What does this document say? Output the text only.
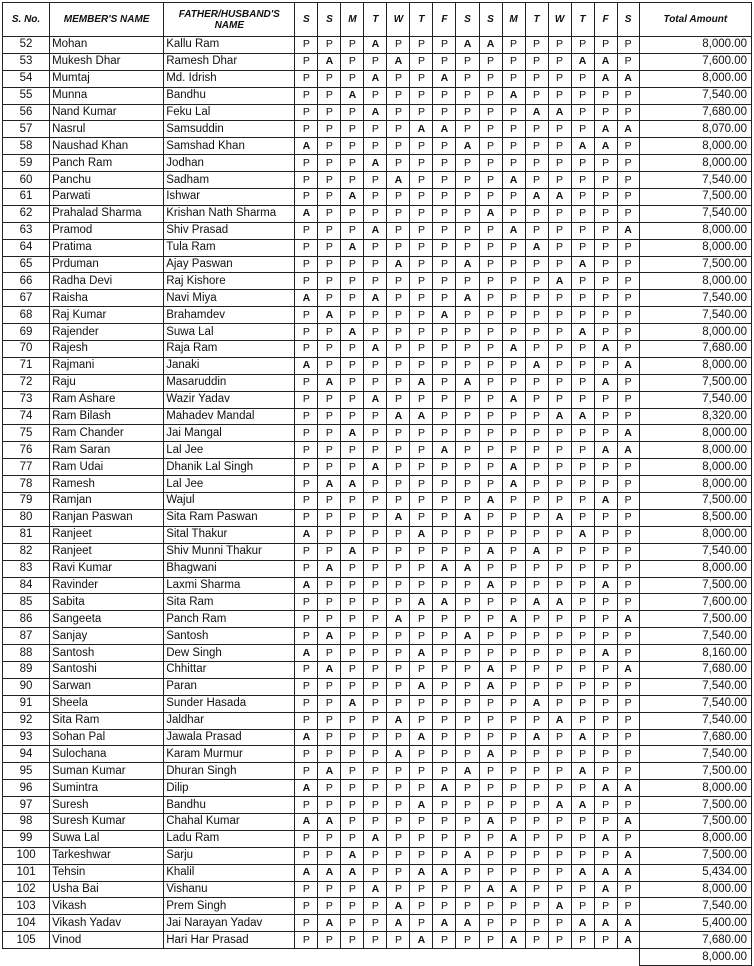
S. No.	MEMBER'S NAME	FATHER/HUSBAND'S NAME	S	S	M	T	W	T	F	S	S	M	T	W	T	F	S	Total Amount
52	Mohan	Kallu Ram	P	P	P	A	P	P	P	A	A	P	P	P	P	P	P	8,000.00
53	Mukesh Dhar	Ramesh Dhar	P	A	P	P	A	P	P	P	P	P	P	P	A	A	P	7,600.00
54	Mumtaj	Md. Idrish	P	P	P	A	P	P	A	P	P	P	P	P	P	A	A	8,000.00
55	Munna	Bandhu	P	P	A	P	P	P	P	P	P	A	P	P	P	P	P	7,540.00
56	Nand Kumar	Feku Lal	P	P	P	A	P	P	P	P	P	P	A	A	P	P	P	7,680.00
57	Nasrul	Samsuddin	P	P	P	P	P	A	A	P	P	P	P	P	P	A	A	8,070.00
58	Naushad Khan	Samshad Khan	A	P	P	P	P	P	P	A	P	P	P	P	A	A	P	8,000.00
59	Panch Ram	Jodhan	P	P	P	A	P	P	P	P	P	P	P	P	P	P	P	8,000.00
60	Panchu	Sadham	P	P	P	P	A	P	P	P	P	A	P	P	P	P	P	7,540.00
61	Parwati	Ishwar	P	P	A	P	P	P	P	P	P	P	A	A	P	P	P	7,500.00
62	Prahalad Sharma	Krishan Nath Sharma	A	P	P	P	P	P	P	P	A	P	P	P	P	P	P	7,540.00
63	Pramod	Shiv Prasad	P	P	P	A	P	P	P	P	P	A	P	P	P	P	A	8,000.00
64	Pratima	Tula Ram	P	P	A	P	P	P	P	P	P	P	A	P	P	P	P	8,000.00
65	Prduman	Ajay Paswan	P	P	P	P	A	P	P	A	P	P	P	P	A	P	P	7,500.00
66	Radha Devi	Raj Kishore	P	P	P	P	P	P	P	P	P	P	P	A	P	P	P	8,000.00
67	Raisha	Navi Miya	A	P	P	A	P	P	P	A	P	P	P	P	P	P	P	7,540.00
68	Raj Kumar	Brahamdev	P	A	P	P	P	P	A	P	P	P	P	P	P	P	P	7,540.00
69	Rajender	Suwa Lal	P	P	A	P	P	P	P	P	P	P	P	P	A	P	P	8,000.00
70	Rajesh	Raja Ram	P	P	P	A	P	P	P	P	P	A	P	P	P	A	P	7,680.00
71	Rajmani	Janaki	A	P	P	P	P	P	P	P	P	P	A	P	P	P	A	8,000.00
72	Raju	Masaruddin	P	A	P	P	P	A	P	A	P	P	P	P	P	A	P	7,500.00
73	Ram Ashare	Wazir Yadav	P	P	P	A	P	P	P	P	P	A	P	P	P	P	P	7,540.00
74	Ram Bilash	Mahadev Mandal	P	P	P	P	A	A	P	P	P	P	P	A	A	P	P	8,320.00
75	Ram Chander	Jai Mangal	P	P	A	P	P	P	P	P	P	P	P	P	P	P	A	8,000.00
76	Ram Saran	Lal Jee	P	P	P	P	P	P	A	P	P	P	P	P	P	A	A	8,000.00
77	Ram Udai	Dhanik Lal Singh	P	P	P	A	P	P	P	P	P	A	P	P	P	P	P	8,000.00
78	Ramesh	Lal Jee	P	A	A	P	P	P	P	P	P	A	P	P	P	P	P	8,000.00
79	Ramjan	Wajul	P	P	P	P	P	P	P	P	A	P	P	P	P	A	P	7,500.00
80	Ranjan Paswan	Sita Ram Paswan	P	P	P	P	A	P	P	A	P	P	P	A	P	P	P	8,500.00
81	Ranjeet	Sital Thakur	A	P	P	P	P	A	P	P	P	P	P	P	A	P	P	8,000.00
82	Ranjeet	Shiv Munni Thakur	P	P	A	P	P	P	P	P	A	P	A	P	P	P	P	7,540.00
83	Ravi Kumar	Bhagwani	P	A	P	P	P	P	A	A	P	P	P	P	P	P	P	8,000.00
84	Ravinder	Laxmi Sharma	A	P	P	P	P	P	P	P	A	P	P	P	P	A	P	7,500.00
85	Sabita	Sita Ram	P	P	P	P	P	A	A	P	P	P	A	A	P	P	P	7,600.00
86	Sangeeta	Panch Ram	P	P	P	P	A	P	P	P	P	A	P	P	P	P	A	7,500.00
87	Sanjay	Santosh	P	A	P	P	P	P	P	A	P	P	P	P	P	P	P	7,540.00
88	Santosh	Dew Singh	A	P	P	P	P	A	P	P	P	P	P	P	P	A	P	8,160.00
89	Santoshi	Chhittar	P	A	P	P	P	P	P	P	A	P	P	P	P	P	A	7,680.00
90	Sarwan	Paran	P	P	P	P	P	A	P	P	A	P	P	P	P	P	P	7,540.00
91	Sheela	Sunder Hasada	P	P	A	P	P	P	P	P	P	P	A	P	P	P	P	7,540.00
92	Sita Ram	Jaldhar	P	P	P	P	A	P	P	P	P	P	P	A	P	P	P	7,540.00
93	Sohan Pal	Jawala Prasad	A	P	P	P	P	A	P	P	P	P	A	P	A	P	P	7,680.00
94	Sulochana	Karam Murmur	P	P	P	P	A	P	P	P	A	P	P	P	P	P	P	7,540.00
95	Suman Kumar	Dhuran Singh	P	A	P	P	P	P	P	A	P	P	P	P	A	P	P	7,500.00
96	Sumintra	Dilip	A	P	P	P	P	P	A	P	P	P	P	P	P	A	A	8,000.00
97	Suresh	Bandhu	P	P	P	P	P	A	P	P	P	P	P	A	A	P	P	7,500.00
98	Suresh Kumar	Chahal Kumar	A	A	P	P	P	P	P	P	A	P	P	P	P	P	A	7,500.00
99	Suwa Lal	Ladu Ram	P	P	P	A	P	P	P	P	P	A	P	P	P	A	P	8,000.00
100	Tarkeshwar	Sarju	P	P	A	P	P	P	P	A	P	P	P	P	P	P	A	7,500.00
101	Tehsin	Khalil	A	A	A	P	P	A	A	P	P	P	P	P	A	A	A	5,434.00
102	Usha Bai	Vishanu	P	P	P	A	P	P	P	P	A	A	P	P	P	A	P	8,000.00
103	Vikash	Prem Singh	P	P	P	P	A	P	P	P	P	P	P	A	P	P	P	7,540.00
104	Vikash Yadav	Jai Narayan Yadav	P	A	P	P	A	P	A	A	P	P	P	P	A	A	A	5,400.00
105	Vinod	Hari Har Prasad	P	P	P	P	P	A	P	P	P	A	P	P	P	P	A	7,680.00
																		8,000.00
